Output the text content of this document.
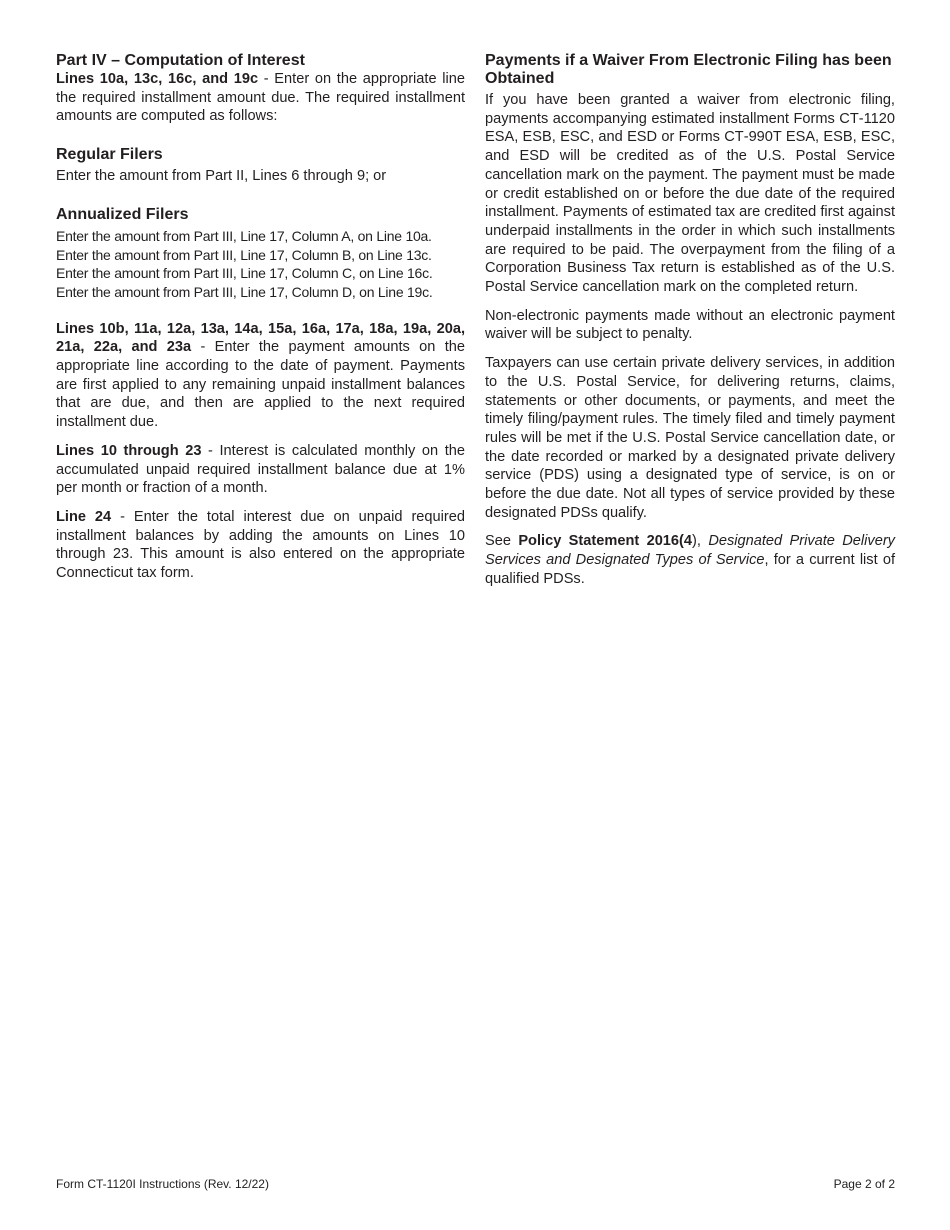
Part IV – Computation of Interest

Lines 10a, 13c, 16c, and 19c - Enter on the appropriate line the required installment amount due. The required installment amounts are computed as follows:

Regular Filers

Enter the amount from Part II, Lines 6 through 9; or

Annualized Filers
Enter the amount from Part III, Line 17, Column A, on Line 10a.
Enter the amount from Part III, Line 17, Column B, on Line 13c.
Enter the amount from Part III, Line 17, Column C, on Line 16c.
Enter the amount from Part III, Line 17, Column D, on Line 19c.

Lines 10b, 11a, 12a, 13a, 14a, 15a, 16a, 17a, 18a, 19a, 20a, 21a, 22a, and 23a - Enter the payment amounts on the appropriate line according to the date of payment. Payments are first applied to any remaining unpaid installment balances that are due, and then are applied to the next required installment due.

Lines 10 through 23 - Interest is calculated monthly on the accumulated unpaid required installment balance due at 1% per month or fraction of a month.

Line 24 - Enter the total interest due on unpaid required installment balances by adding the amounts on Lines 10 through 23. This amount is also entered on the appropriate Connecticut tax form.

Payments if a Waiver From Electronic Filing has been Obtained

If you have been granted a waiver from electronic filing, payments accompanying estimated installment Forms CT‑1120 ESA, ESB, ESC, and ESD or Forms CT‑990T ESA, ESB, ESC, and ESD will be credited as of the U.S. Postal Service cancellation mark on the payment. The payment must be made or credit established on or before the due date of the required installment. Payments of estimated tax are credited first against underpaid installments in the order in which such installments are required to be paid. The overpayment from the filing of a Corporation Business Tax return is established as of the U.S. Postal Service cancellation mark on the completed return.

Non-electronic payments made without an electronic payment waiver will be subject to penalty.

Taxpayers can use certain private delivery services, in addition to the U.S. Postal Service, for delivering returns, claims, statements or other documents, or payments, and meet the timely filing/payment rules. The timely filed and timely payment rules will be met if the U.S. Postal Service cancellation date, or the date recorded or marked by a designated private delivery service (PDS) using a designated type of service, is on or before the due date. Not all types of service provided by these designated PDSs qualify.

See Policy Statement 2016(4), Designated Private Delivery Services and Designated Types of Service, for a current list of qualified PDSs.

Form CT-1120I Instructions (Rev. 12/22)	Page 2 of 2
